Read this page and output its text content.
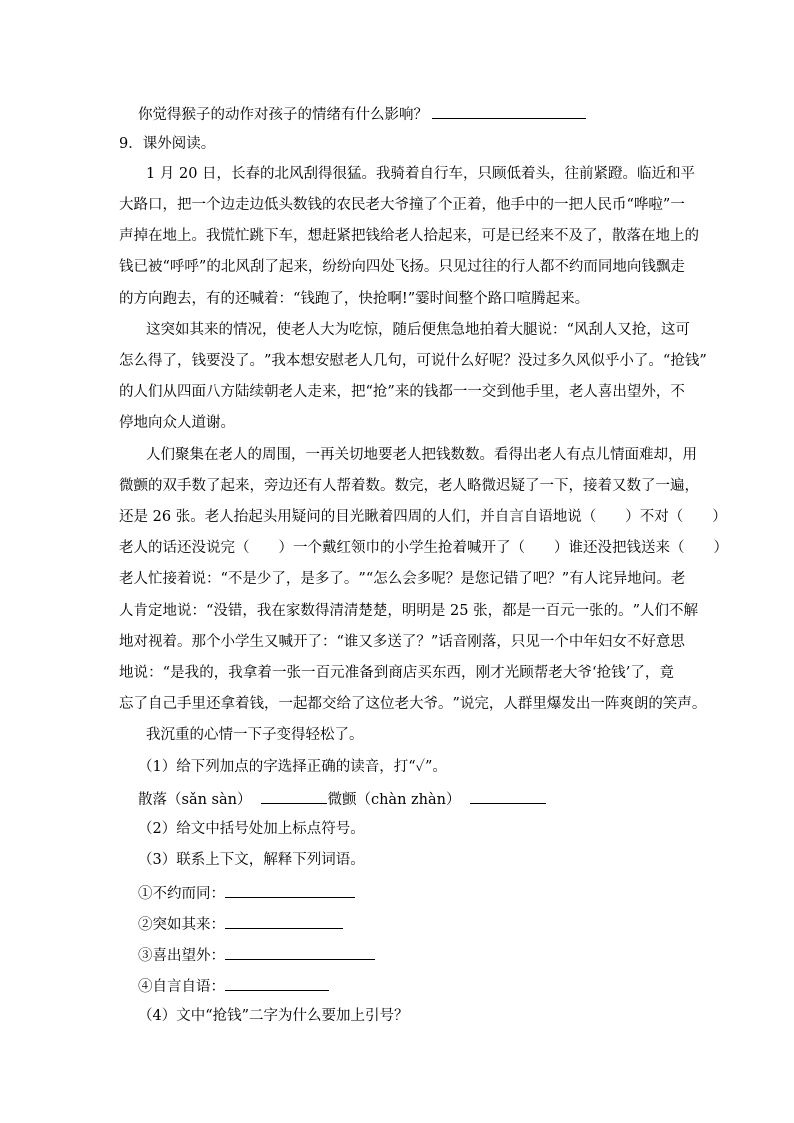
你觉得猴子的动作对孩子的情绪有什么影响？
9．课外阅读。
1
月
2 0
日 ， 长 春 的 北 风 刮 得 很 猛 。 我 骑 着 自 行 车 ， 只 顾 低 着 头 ， 往 前 紧 蹬 。 临 近 和 平
大 路 口 ， 把 一 个 边 走 边 低 头 数 钱 的 农 民 老 大 爷 撞 了 个 正 着 ， 他 手 中 的 一 把 人 民 币 “ 哗 啦 ” 一
声 掉 在 地 上 。 我 慌 忙 跳 下 车 ， 想 赶 紧 把 钱 给 老 人 拾 起 来 ， 可 是 已 经 来 不 及 了 ， 散 落 在 地 上 的
钱 已 被 “ 呼 呼 ” 的 北 风 刮 了 起 来 ， 纷 纷 向 四 处 飞 扬 。 只 见 过 往 的 行 人 都 不 约 而 同 地 向 钱 飘 走
的方向跑去，有的还喊着：“钱跑了，快抢啊!”霎时间整个路口喧腾起来。
这 突 如 其 来 的 情 况 ， 使 老 人 大 为 吃 惊 ， 随 后 便 焦 急 地 拍 着 大 腿 说 ： “ 风 刮 人 又 抢 ， 这 可
怎 么 得 了 ， 钱 要 没 了 。 ” 我 本 想 安 慰 老 人 几 句 ， 可 说 什 么 好 呢 ？ 没 过 多 久 风 似 乎 小 了 。 “ 抢 钱 ”
的 人 们 从 四 面 八 方 陆 续 朝 老 人 走 来 ， 把 “ 抢 ” 来 的 钱 都 一 一 交 到 他 手 里 ， 老 人 喜 出 望 外 ， 不
停地向众人道谢。
人 们 聚 集 在 老 人 的 周 围 ， 一 再 关 切 地 要 老 人 把 钱 数 数 。 看 得 出 老 人 有 点 儿 情 面 难 却 ， 用
微 颤 的 双 手 数 了 起 来 ， 旁 边 还 有 人 帮 着 数 。 数 完 ， 老 人 略 微 迟 疑 了 一 下 ， 接 着 又 数 了 一 遍 ，
还 是
2 6
张 。 老 人 抬 起 头 用 疑 问 的 目 光 瞅 着 四 周 的 人 们 ， 并 自 言 自 语 地 说 （

　 ） 不 对 （

　 ）
老 人 的 话 还 没 说 完 （

　 ） 一 个 戴 红 领 巾 的 小 学 生 抢 着 喊 开 了 （

　 ） 谁 还 没 把 钱 送 来 （

　 ）
老 人 忙 接 着 说 ： “ 不 是 少 了 ， 是 多 了 。 ” “ 怎 么 会 多 呢 ？ 是 您 记 错 了 吧 ？ ” 有 人 诧 异 地 问 。 老
人 肯 定 地 说 ： “ 没 错 ， 我 在 家 数 得 清 清 楚 楚 ， 明 明 是
2 5
张 ， 都 是 一 百 元 一 张 的 。 ” 人 们 不 解
地 对 视 着 。 那 个 小 学 生 又 喊 开 了 ： “ 谁 又 多 送 了 ？ ” 话 音 刚 落 ， 只 见 一 个 中 年 妇 女 不 好 意 思
地 说 ： “ 是 我 的 ， 我 拿 着 一 张 一 百 元 准 备 到 商 店 买 东 西 ， 刚 才 光 顾 帮 老 大 爷 ‘ 抢 钱 ’ 了 ， 竟
忘 了 自 己 手 里 还 拿 着 钱 ， 一 起 都 交 给 了 这 位 老 大 爷 。 ” 说 完 ， 人 群 里 爆 发 出 一 阵 爽 朗 的 笑 声 。
我沉重的心情一下子变得轻松了。
（1）给下列加点的字选择正确的读音，打“✓”。
散落（sǎn sàn）	微颤（chàn zhàn）
（2）给文中括号处加上标点符号。
（3）联系上下文，解释下列词语。
①不约而同：
②突如其来：
③喜出望外：
④自言自语：
（4）文中“抢钱”二字为什么要加上引号？
